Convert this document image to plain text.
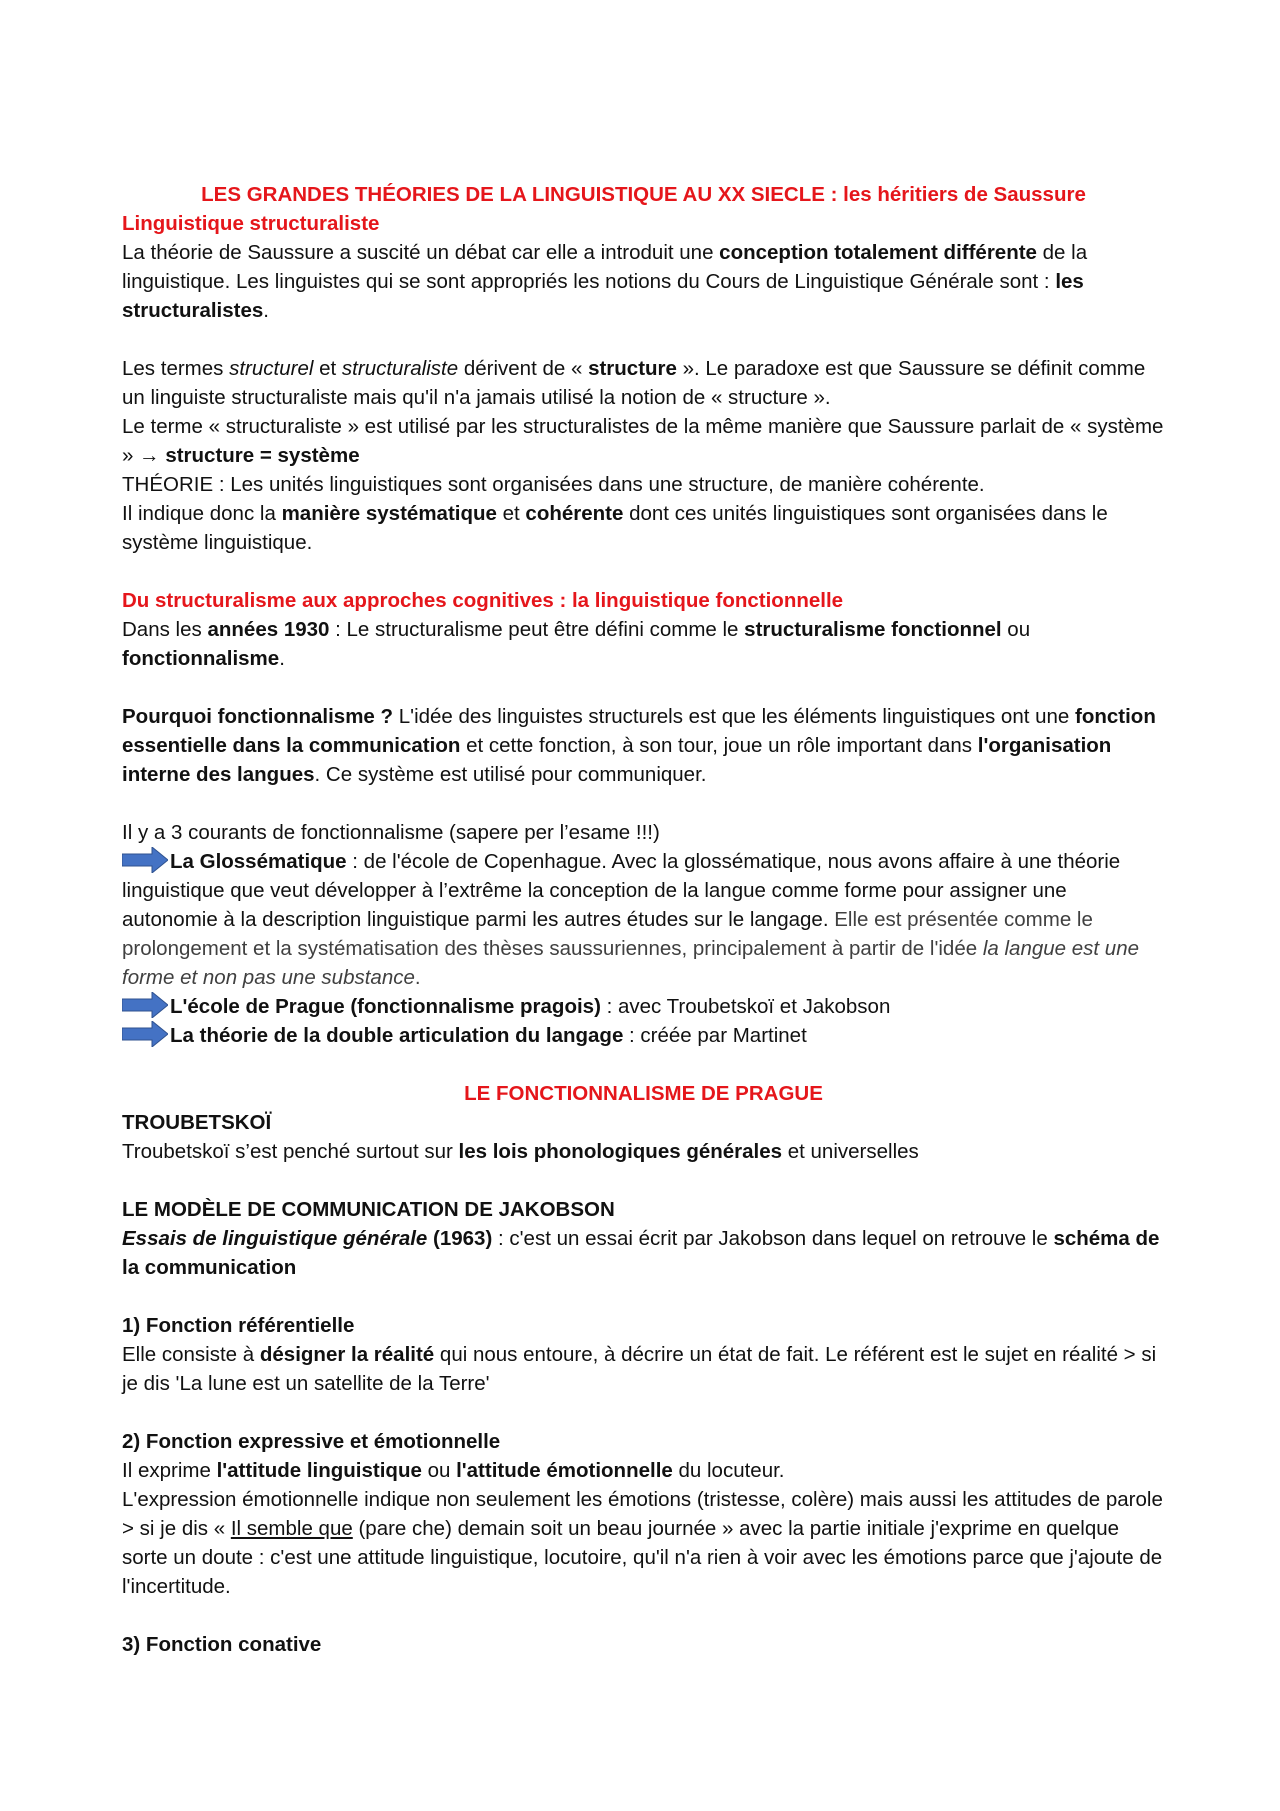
LES GRANDES THÉORIES DE LA LINGUISTIQUE AU XX SIECLE : les héritiers de Saussure

Linguistique structuraliste

La théorie de Saussure a suscité un débat car elle a introduit une conception totalement différente de la linguistique. Les linguistes qui se sont appropriés les notions du Cours de Linguistique Générale sont : les structuralistes.

Les termes structurel et structuraliste dérivent de « structure ». Le paradoxe est que Saussure se définit comme un linguiste structuraliste mais qu'il n'a jamais utilisé la notion de « structure ».

Le terme « structuraliste » est utilisé par les structuralistes de la même manière que Saussure parlait de « système » → structure = système

THÉORIE : Les unités linguistiques sont organisées dans une structure, de manière cohérente.

Il indique donc la manière systématique et cohérente dont ces unités linguistiques sont organisées dans le système linguistique.

Du structuralisme aux approches cognitives : la linguistique fonctionnelle

Dans les années 1930 : Le structuralisme peut être défini comme le structuralisme fonctionnel ou fonctionnalisme.

Pourquoi fonctionnalisme ? L'idée des linguistes structurels est que les éléments linguistiques ont une fonction essentielle dans la communication et cette fonction, à son tour, joue un rôle important dans l'organisation interne des langues. Ce système est utilisé pour communiquer.

Il y a 3 courants de fonctionnalisme (sapere per l’esame !!!)

La Glossématique : de l'école de Copenhague. Avec la glossématique, nous avons affaire à une théorie linguistique que veut développer à l’extrême la conception de la langue comme forme pour assigner une autonomie à la description linguistique parmi les autres études sur le langage. Elle est présentée comme le prolongement et la systématisation des thèses saussuriennes, principalement à partir de l'idée la langue est une forme et non pas une substance.

L'école de Prague (fonctionnalisme pragois) : avec Troubetskoï et Jakobson

La théorie de la double articulation du langage : créée par Martinet

LE FONCTIONNALISME DE PRAGUE

TROUBETSKOÏ

Troubetskoï s’est penché surtout sur les lois phonologiques générales et universelles

LE MODÈLE DE COMMUNICATION DE JAKOBSON

Essais de linguistique générale (1963) : c'est un essai écrit par Jakobson dans lequel on retrouve le schéma de la communication

1) Fonction référentielle

Elle consiste à désigner la réalité qui nous entoure, à décrire un état de fait. Le référent est le sujet en réalité > si je dis 'La lune est un satellite de la Terre'

2) Fonction expressive et émotionnelle

Il exprime l'attitude linguistique ou l'attitude émotionnelle du locuteur.

L'expression émotionnelle indique non seulement les émotions (tristesse, colère) mais aussi les attitudes de parole > si je dis « Il semble que (pare che) demain soit un beau journée » avec la partie initiale j'exprime en quelque sorte un doute : c'est une attitude linguistique, locutoire, qu'il n'a rien à voir avec les émotions parce que j'ajoute de l'incertitude.

3) Fonction conative
